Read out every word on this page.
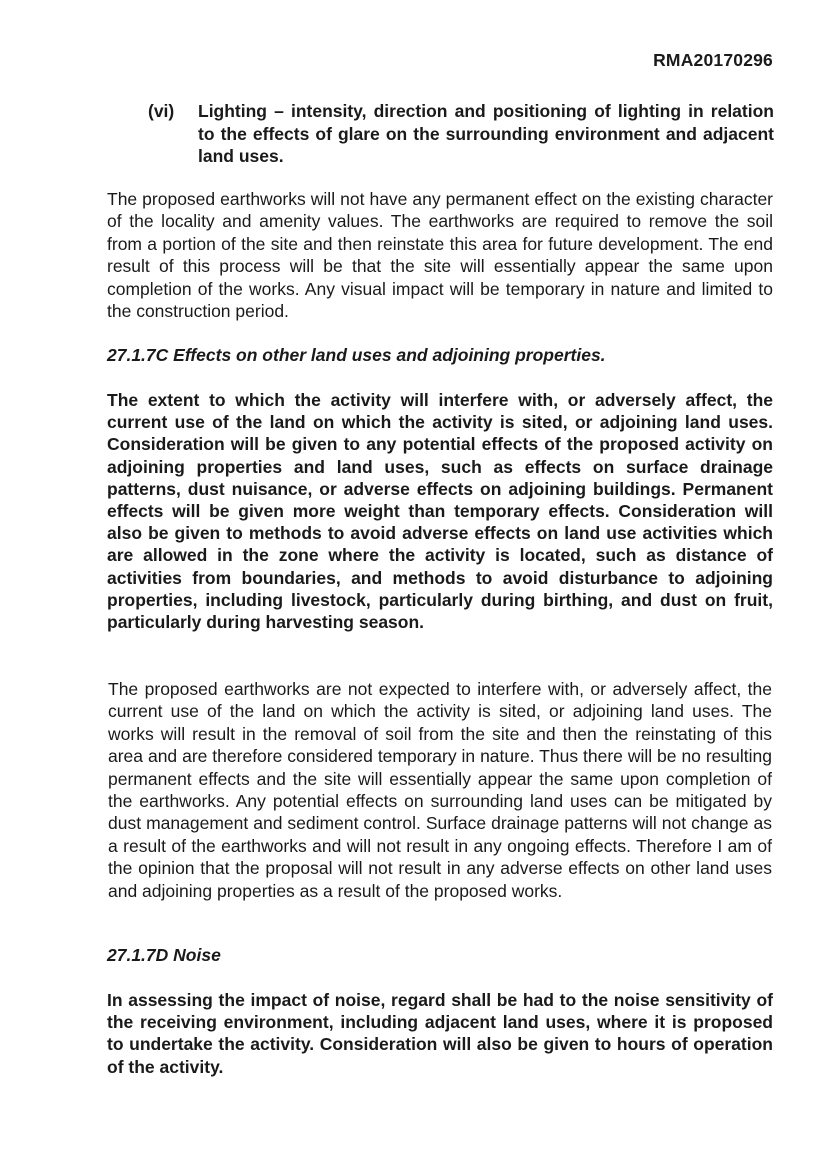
RMA20170296
(vi)	Lighting – intensity, direction and positioning of lighting in relation to the effects of glare on the surrounding environment and adjacent land uses.

The proposed earthworks will not have any permanent effect on the existing character of the locality and amenity values. The earthworks are required to remove the soil from a portion of the site and then reinstate this area for future development. The end result of this process will be that the site will essentially appear the same upon completion of the works. Any visual impact will be temporary in nature and limited to the construction period.

27.1.7C Effects on other land uses and adjoining properties.

The extent to which the activity will interfere with, or adversely affect, the current use of the land on which the activity is sited, or adjoining land uses. Consideration will be given to any potential effects of the proposed activity on adjoining properties and land uses, such as effects on surface drainage patterns, dust nuisance, or adverse effects on adjoining buildings. Permanent effects will be given more weight than temporary effects. Consideration will also be given to methods to avoid adverse effects on land use activities which are allowed in the zone where the activity is located, such as distance of activities from boundaries, and methods to avoid disturbance to adjoining properties, including livestock, particularly during birthing, and dust on fruit, particularly during harvesting season.

The proposed earthworks are not expected to interfere with, or adversely affect, the current use of the land on which the activity is sited, or adjoining land uses. The works will result in the removal of soil from the site and then the reinstating of this area and are therefore considered temporary in nature. Thus there will be no resulting permanent effects and the site will essentially appear the same upon completion of the earthworks. Any potential effects on surrounding land uses can be mitigated by dust management and sediment control. Surface drainage patterns will not change as a result of the earthworks and will not result in any ongoing effects. Therefore I am of the opinion that the proposal will not result in any adverse effects on other land uses and adjoining properties as a result of the proposed works.

27.1.7D Noise

In assessing the impact of noise, regard shall be had to the noise sensitivity of the receiving environment, including adjacent land uses, where it is proposed to undertake the activity. Consideration will also be given to hours of operation of the activity.
